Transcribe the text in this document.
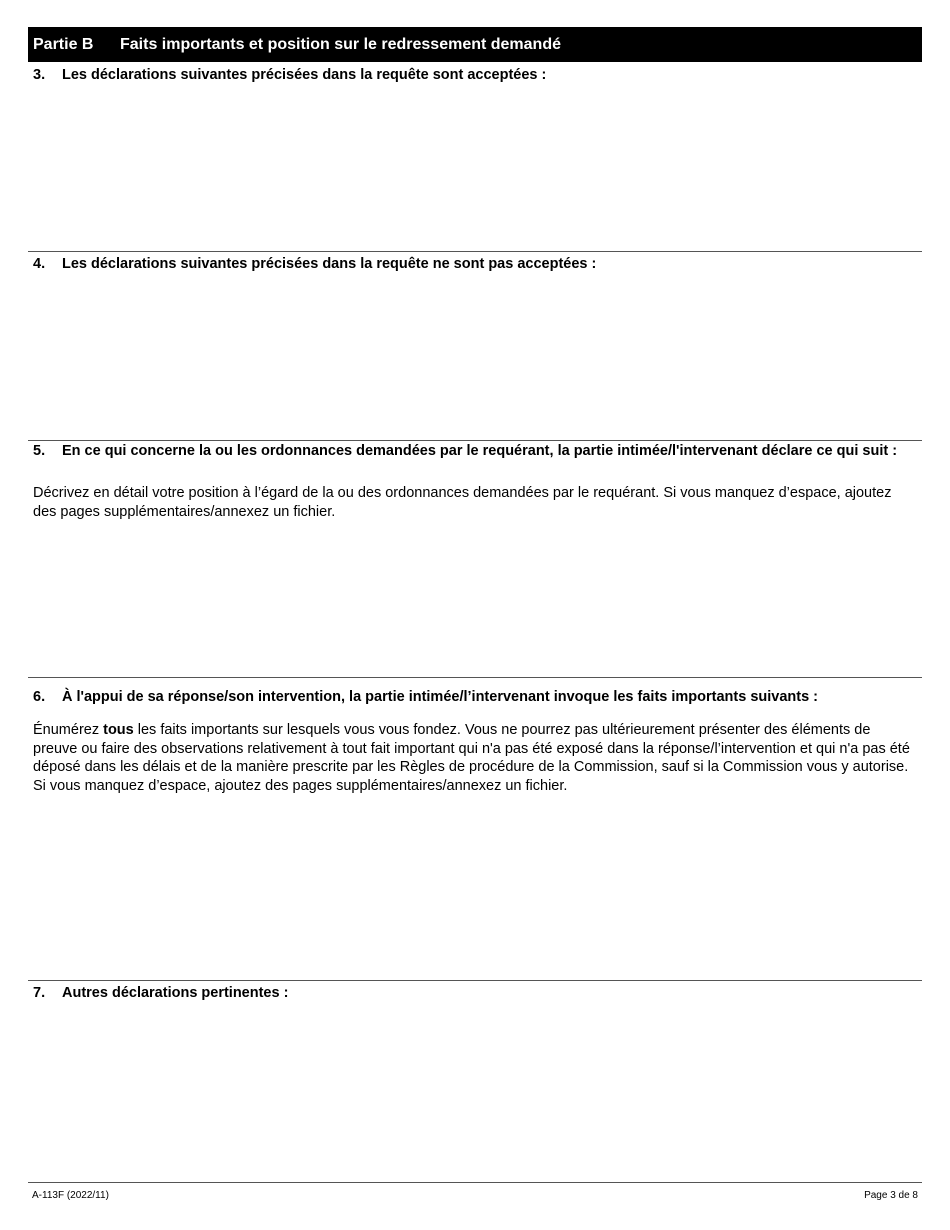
Partie B	Faits importants et position sur le redressement demandé
3.	Les déclarations suivantes précisées dans la requête sont acceptées :
4.	Les déclarations suivantes précisées dans la requête ne sont pas acceptées :
5.	En ce qui concerne la ou les ordonnances demandées par le requérant, la partie intimée/l'intervenant déclare ce qui suit :
Décrivez en détail votre position à l’égard de la ou des ordonnances demandées par le requérant. Si vous manquez d’espace, ajoutez des pages supplémentaires/annexez un fichier.
6.	À l'appui de sa réponse/son intervention, la partie intimée/l’intervenant invoque les faits importants suivants :
Énumérez tous les faits importants sur lesquels vous vous fondez. Vous ne pourrez pas ultérieurement présenter des éléments de preuve ou faire des observations relativement à tout fait important qui n'a pas été exposé dans la réponse/l’intervention et qui n'a pas été déposé dans les délais et de la manière prescrite par les Règles de procédure de la Commission, sauf si la Commission vous y autorise. Si vous manquez d’espace, ajoutez des pages supplémentaires/annexez un fichier.
7.	Autres déclarations pertinentes :
A-113F (2022/11)	Page 3 de 8
